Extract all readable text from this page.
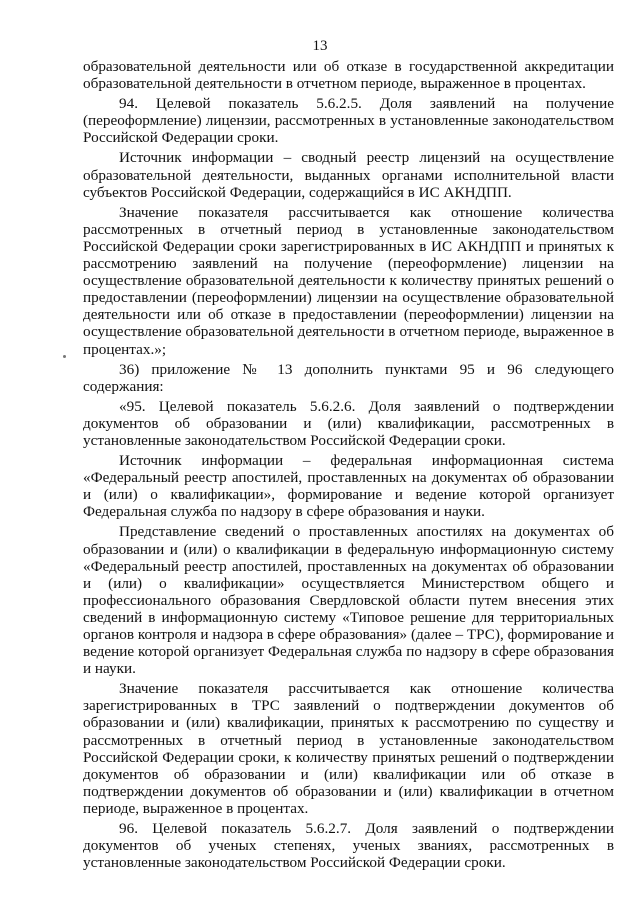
13

образовательной деятельности или об отказе в государственной аккредитации образовательной деятельности в отчетном периоде, выраженное в процентах.

94. Целевой показатель 5.6.2.5. Доля заявлений на получение (переоформление) лицензии, рассмотренных в установленные законодательством Российской Федерации сроки.

Источник информации – сводный реестр лицензий на осуществление образовательной деятельности, выданных органами исполнительной власти субъектов Российской Федерации, содержащийся в ИС АКНДПП.

Значение показателя рассчитывается как отношение количества рассмотренных в отчетный период в установленные законодательством Российской Федерации сроки зарегистрированных в ИС АКНДПП и принятых к рассмотрению заявлений на получение (переоформление) лицензии на осуществление образовательной деятельности к количеству принятых решений о предоставлении (переоформлении) лицензии на осуществление образовательной деятельности или об отказе в предоставлении (переоформлении) лицензии на осуществление образовательной деятельности в отчетном периоде, выраженное в процентах.»;

36) приложение № 13 дополнить пунктами 95 и 96 следующего содержания:

«95. Целевой показатель 5.6.2.6. Доля заявлений о подтверждении документов об образовании и (или) квалификации, рассмотренных в установленные законодательством Российской Федерации сроки.

Источник информации – федеральная информационная система «Федеральный реестр апостилей, проставленных на документах об образовании и (или) о квалификации», формирование и ведение которой организует Федеральная служба по надзору в сфере образования и науки.

Представление сведений о проставленных апостилях на документах об образовании и (или) о квалификации в федеральную информационную систему «Федеральный реестр апостилей, проставленных на документах об образовании и (или) о квалификации» осуществляется Министерством общего и профессионального образования Свердловской области путем внесения этих сведений в информационную систему «Типовое решение для территориальных органов контроля и надзора в сфере образования» (далее – ТРС), формирование и ведение которой организует Федеральная служба по надзору в сфере образования и науки.

Значение показателя рассчитывается как отношение количества зарегистрированных в ТРС заявлений о подтверждении документов об образовании и (или) квалификации, принятых к рассмотрению по существу и рассмотренных в отчетный период в установленные законодательством Российской Федерации сроки, к количеству принятых решений о подтверждении документов об образовании и (или) квалификации или об отказе в подтверждении документов об образовании и (или) квалификации в отчетном периоде, выраженное в процентах.

96. Целевой показатель 5.6.2.7. Доля заявлений о подтверждении документов об ученых степенях, ученых званиях, рассмотренных в установленные законодательством Российской Федерации сроки.
